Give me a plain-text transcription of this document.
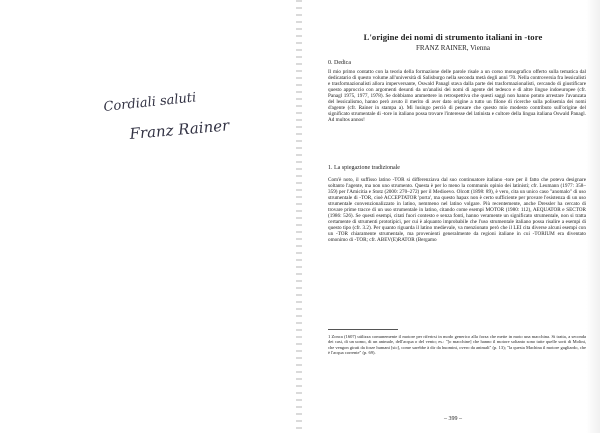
Cordiali saluti
Franz Rainer
L'origine dei nomi di strumento italiani in -tore
FRANZ RAINER, Vienna
0. Dedica
Il mio primo contatto con la teoria della formazione delle parole risale a un corso monografico offerto sulla tematica dal dedicatario di questo volume all'università di Salisburgo nella seconda metà degli anni '70. Nella controversia fra lessicalisti e trasformazionalisti allora imperversante, Oswald Panagl stava dalla parte dei trasformazionalisti, cercando di giustificare questo approccio con argomenti desunti da un'analisi dei nomi di agente del tedesco e di altre lingue indoeuropee (cfr. Panagl 1975, 1977, 1978). Se dobbiamo ammettere in retrospettiva che questi saggi non hanno potuto arrestare l'avanzata del lessicalismo, hanno però avuto il merito di aver dato origine a tutto un filone di ricerche sulla polisemia dei nomi d'agente (cfr. Rainer in stampa a). Mi lusingo perciò di pensare che questo mio modesto contributo sull'origine del significato strumentale di -tore in italiano possa trovare l'interesse del latinista e cultore della lingua italiana Oswald Panagl. Ad multos annos!
1. La spiegazione tradizionale
Com'è noto, il suffisso latino -TOR si differenziava dal suo continuatore italiano -tore per il fatto che poteva designare soltanto l'agente, ma non uno strumento. Questa è per lo meno la communis opinio dei latinisti; cfr. Leumann (1977: 358–359) per l'Amicitia e Stotz (2000: 270–272) per il Medioevo. Olcott (1898: 89), è vero, cita un unico caso "anomalo" di uso strumentale di -TOR, cioè ACCEPTATOR 'porta', ma questo hapax non è certo sufficiente per provare l'esistenza di un uso strumentale convenzionalizzato in latino, nemmeno nel latino volgare. Più recentemente, anche Dressler ha cercato di trovare prime tracce di un uso strumentale in latino, citando come esempi MOTOR (1980: 112), AEQUATOR e SECTOR (1986: 526). Se questi esempi, citati fuori contesto e senza fonti, hanno veramente un significato strumentale, non si tratta certamente di strumenti prototipici, per cui è alquanto improbabile che l'uso strumentale italiano possa risalire a esempi di questo tipo (cfr. 3.2). Per quanto riguarda il latino medievale, va menzionato però che il LEI cita diverse alcuni esempi con un -TOR chiaramente strumentale, ma provenienti generalmente da regioni italiane in cui -TORIUM era diventato omonimo di -TOR; cfr. ABEV(E)RATOR (Bergamo
1 Zonca (1607) utilizza comunemente il motore per riferirsi in modo generico alla forza che mette in moto una macchina. Si tratta, a seconda dei casi, di un uomo, di un animale, dell'acqua o del vento; es.: "[o macchine] che hanno il motore soltanto sono tutte quelle sorti di Molini, che vengon girati da forze humani [sic], come sarebbe à dir da huomini, overo da animali" (p. 13); "la questa Machina il motore gagliardo, che è l'acqua corrente" (p. 69).
– 399 –
